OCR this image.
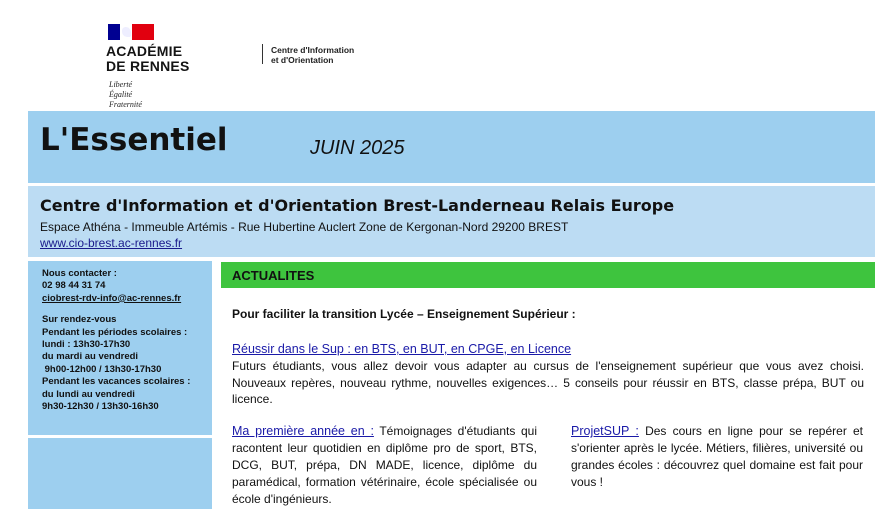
ACADÉMIE
DE RENNES
Liberté
Égalité
Fraternité
Centre d'Information
et d'Orientation
L'Essentiel	JUIN 2025
Centre d'Information et d'Orientation Brest-Landerneau Relais Europe
Espace Athéna - Immeuble Artémis - Rue Hubertine Auclert Zone de Kergonan-Nord 29200 BREST
www.cio-brest.ac-rennes.fr
Nous contacter :
02 98 44 31 74
ciobrest-rdv-info@ac-rennes.fr
Sur rendez-vous
Pendant les périodes scolaires :
lundi : 13h30-17h30
du mardi au vendredi
9h00-12h00 / 13h30-17h30
Pendant les vacances scolaires :
du lundi au vendredi
9h30-12h30 / 13h30-16h30
ACTUALITES
Pour faciliter la transition Lycée – Enseignement Supérieur :
Réussir dans le Sup : en BTS, en BUT, en CPGE, en Licence
Futurs étudiants, vous allez devoir vous adapter au cursus de l'enseignement supérieur que vous avez choisi. Nouveaux repères, nouveau rythme, nouvelles exigences… 5 conseils pour réussir en BTS, classe prépa, BUT ou licence.
Ma première année en : Témoignages d'étudiants qui racontent leur quotidien en diplôme pro de sport, BTS, DCG, BUT, prépa, DN MADE, licence, diplôme du paramédical, formation vétérinaire, école spécialisée ou école d'ingénieurs.
ProjetSUP : Des cours en ligne pour se repérer et s'orienter après le lycée. Métiers, filières, université ou grandes écoles : découvrez quel domaine est fait pour vous !
